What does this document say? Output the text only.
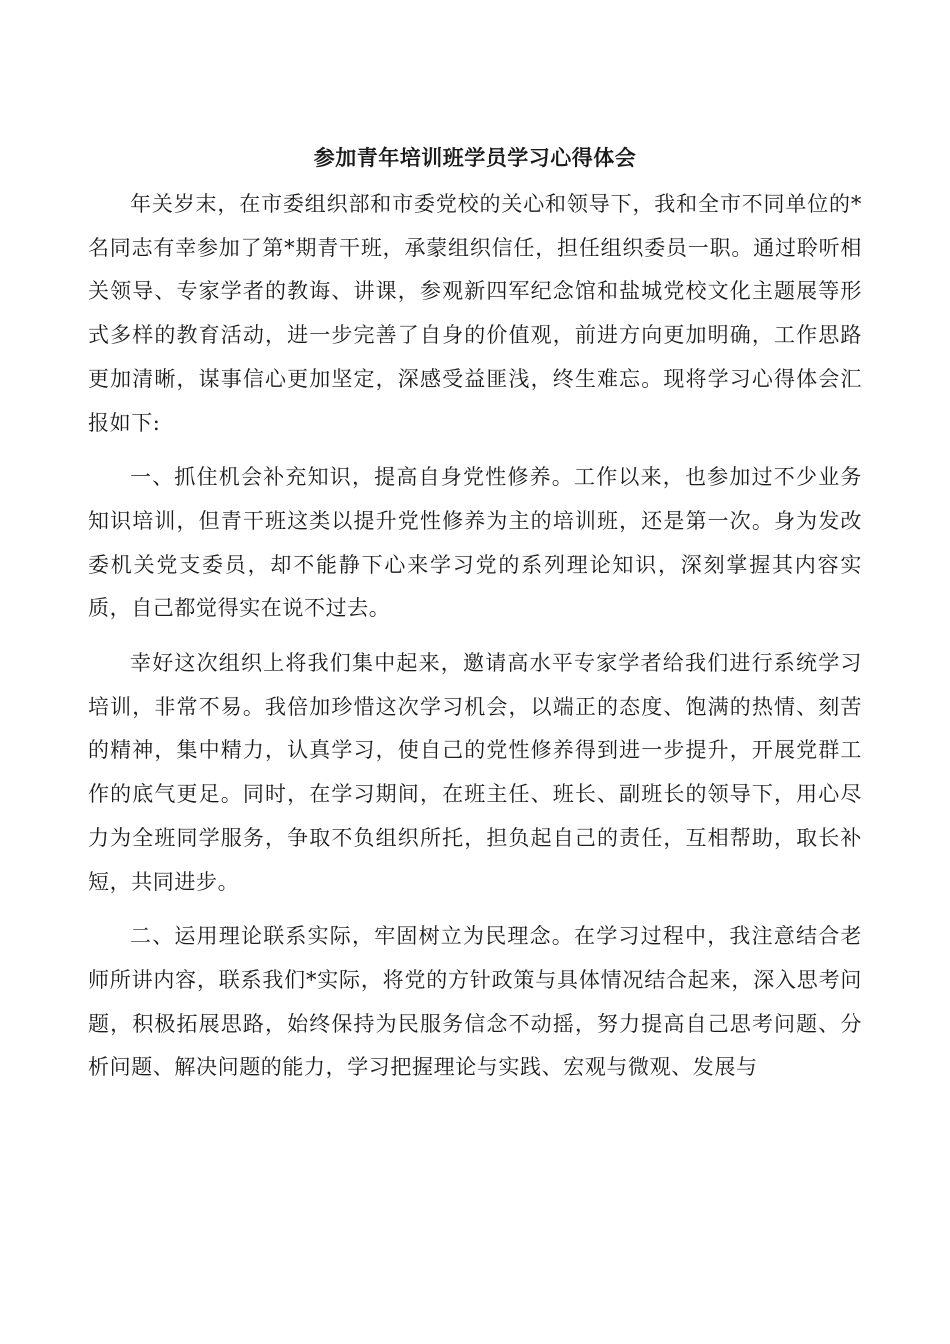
参加青年培训班学员学习心得体会

年关岁末，在市委组织部和市委党校的关心和领导下，我和全市不同单位的*名同志有幸参加了第*期青干班，承蒙组织信任，担任组织委员一职。通过聆听相关领导、专家学者的教诲、讲课，参观新四军纪念馆和盐城党校文化主题展等形式多样的教育活动，进一步完善了自身的价值观，前进方向更加明确，工作思路更加清晰，谋事信心更加坚定，深感受益匪浅，终生难忘。现将学习心得体会汇报如下:

一、抓住机会补充知识，提高自身党性修养。工作以来，也参加过不少业务知识培训，但青干班这类以提升党性修养为主的培训班，还是第一次。身为发改委机关党支委员，却不能静下心来学习党的系列理论知识，深刻掌握其内容实质，自己都觉得实在说不过去。

幸好这次组织上将我们集中起来，邀请高水平专家学者给我们进行系统学习培训，非常不易。我倍加珍惜这次学习机会，以端正的态度、饱满的热情、刻苦的精神，集中精力，认真学习，使自己的党性修养得到进一步提升，开展党群工作的底气更足。同时，在学习期间，在班主任、班长、副班长的领导下，用心尽力为全班同学服务，争取不负组织所托，担负起自己的责任，互相帮助，取长补短，共同进步。

二、运用理论联系实际，牢固树立为民理念。在学习过程中，我注意结合老师所讲内容，联系我们*实际，将党的方针政策与具体情况结合起来，深入思考问题，积极拓展思路，始终保持为民服务信念不动摇，努力提高自己思考问题、分析问题、解决问题的能力，学习把握理论与实践、宏观与微观、发展与
